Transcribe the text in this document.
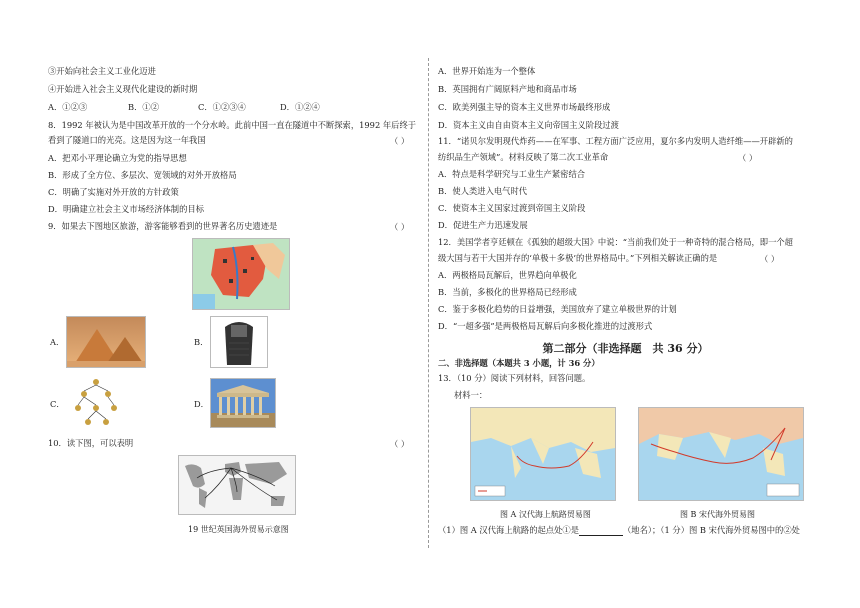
③开始向社会主义工业化迈进
④开始进入社会主义现代化建设的新时期
A．①②③	B．①②	C．①②③④	D．①②④
8．1992 年被认为是中国改革开放的一个分水岭。此前中国一直在隧道中不断探索，1992 年后终于
看到了隧道口的光亮。这是因为这一年我国	（ ）
A．把邓小平理论确立为党的指导思想
B．形成了全方位、多层次、宽领域的对外开放格局
C．明确了实施对外开放的方针政策
D．明确建立社会主义市场经济体制的目标
9．如果去下图地区旅游，游客能够看到的世界著名历史遗迹是	（ ）
A．	B．
C．	D．
10．读下图，可以表明	（ ）
19 世纪英国海外贸易示意图
A．世界开始连为一个整体
B．英国拥有广阔原料产地和商品市场
C．欧美列强主导的资本主义世界市场最终形成
D．资本主义由自由资本主义向帝国主义阶段过渡
11．“诺贝尔发明现代炸药——在军事、工程方面广泛应用，夏尔多内发明人造纤维——开辟新的
纺织品生产领域”。材料反映了第二次工业革命	（ ）
A．特点是科学研究与工业生产紧密结合
B．使人类进入电气时代
C．使资本主义国家过渡到帝国主义阶段
D．促进生产力迅速发展
12．美国学者亨廷顿在《孤独的超级大国》中说：“当前我们处于一种奇特的混合格局，即一个超
级大国与若干大国并存的‘单极＋多极’的世界格局中。”下列相关解读正确的是	（ ）
A．两极格局瓦解后，世界趋向单极化
B．当前，多极化的世界格局已经形成
C．鉴于多极化趋势的日益增强，美国放弃了建立单极世界的计划
D．“一超多强”是两极格局瓦解后向多极化推进的过渡形式
第二部分（非选择题　共 36 分）
二、非选择题（本题共 3 小题，计 36 分）
13．（10 分）阅读下列材料，回答问题。
材料一：
图 A 汉代海上航路贸易图	图 B 宋代海外贸易图
（1）图 A 汉代海上航路的起点处①是	（地名）；（1 分）图 B 宋代海外贸易图中的②处
